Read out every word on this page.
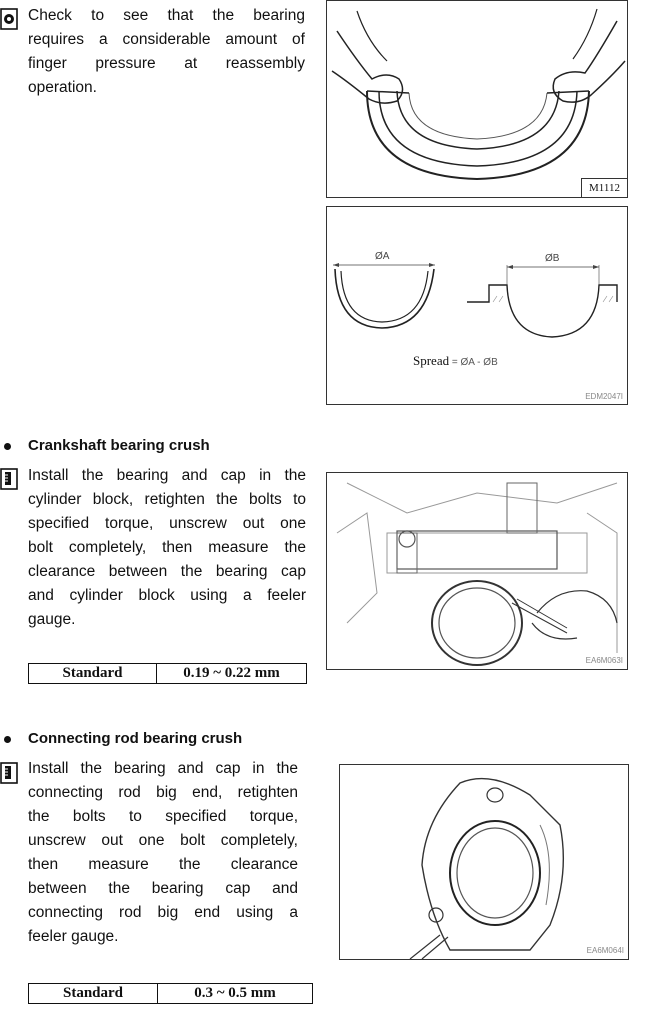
Check to see that the bearing
requires a considerable amount of
finger pressure at reassembly
operation.
M1112
ØA	ØB
Spread = ØA - ØB
EDM2047I
Crankshaft bearing crush
Install the bearing and cap in the
cylinder block, retighten the bolts to
specified torque, unscrew out one
bolt completely, then measure the
clearance between the bearing cap
and cylinder block using a feeler
gauge.
Standard	0.19 ~ 0.22 mm
EA6M063I
Connecting rod bearing crush
Install the bearing and cap in the
connecting rod big end, retighten
the bolts to specified torque,
unscrew out one bolt completely,
then measure the clearance
between the bearing cap and
connecting rod big end using a
feeler gauge.
Standard	0.3 ~ 0.5 mm
EA6M064I
